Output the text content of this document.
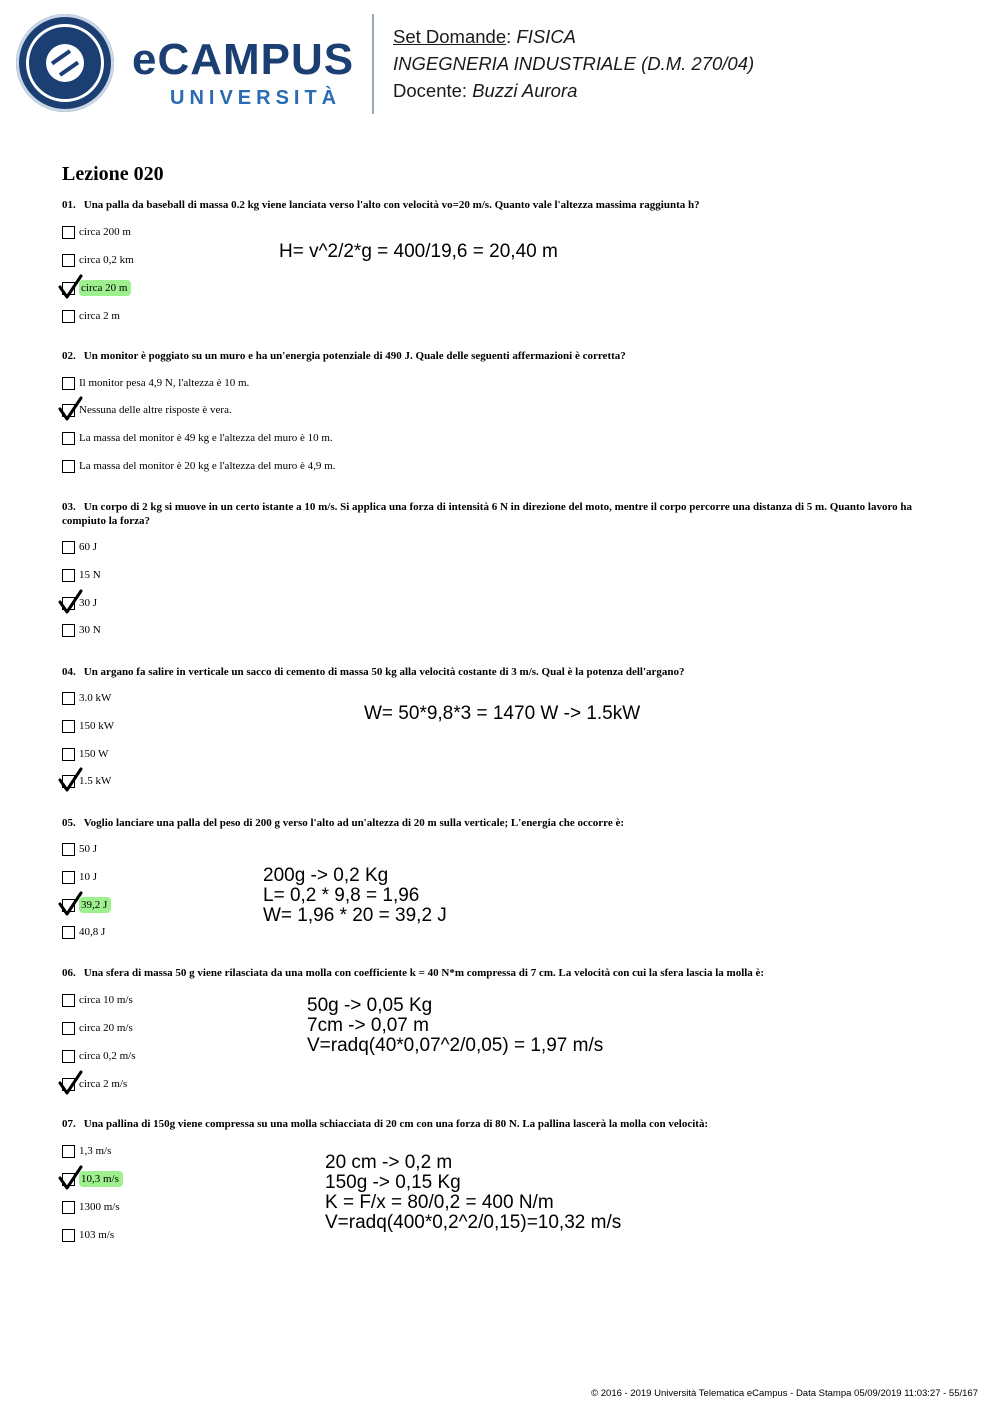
eCAMPUS
UNIVERSITÀ
Set Domande: FISICA
INGEGNERIA INDUSTRIALE (D.M. 270/04)
Docente: Buzzi Aurora
Lezione 020
01. Una palla da baseball di massa 0.2 kg viene lanciata verso l'alto con velocità vo=20 m/s. Quanto vale l'altezza massima raggiunta h?
circa 200 m
circa 0,2 km
circa 20 m
circa 2 m
H= v^2/2*g = 400/19,6 = 20,40 m
02. Un monitor è poggiato su un muro e ha un'energia potenziale di 490 J. Quale delle seguenti affermazioni è corretta?
Il monitor pesa 4,9 N, l'altezza è 10 m.
Nessuna delle altre risposte è vera.
La massa del monitor è 49 kg e l'altezza del muro è 10 m.
La massa del monitor è 20 kg e l'altezza del muro è 4,9 m.
03. Un corpo di 2 kg si muove in un certo istante a 10 m/s. Si applica una forza di intensità 6 N in direzione del moto, mentre il corpo percorre una distanza di 5 m. Quanto lavoro ha compiuto la forza?
60 J
15 N
30 J
30 N
04. Un argano fa salire in verticale un sacco di cemento di massa 50 kg alla velocità costante di 3 m/s. Qual è la potenza dell'argano?
3.0 kW
150 kW
150 W
1.5 kW
W= 50*9,8*3 = 1470 W -> 1.5kW
05. Voglio lanciare una palla del peso di 200 g verso l'alto ad un'altezza di 20 m sulla verticale; L'energia che occorre è:
50 J
10 J
39,2 J
40,8 J
200g -> 0,2 Kg
L= 0,2 * 9,8 = 1,96
W= 1,96 * 20 = 39,2 J
06. Una sfera di massa 50 g viene rilasciata da una molla con coefficiente k = 40 N*m compressa di 7 cm. La velocità con cui la sfera lascia la molla è:
circa 10 m/s
circa 20 m/s
circa 0,2 m/s
circa 2 m/s
50g -> 0,05 Kg
7cm -> 0,07 m
V=radq(40*0,07^2/0,05) = 1,97 m/s
07. Una pallina di 150g viene compressa su una molla schiacciata di 20 cm con una forza di 80 N. La pallina lascerà la molla con velocità:
1,3 m/s
10,3 m/s
1300 m/s
103 m/s
20 cm -> 0,2 m
150g -> 0,15 Kg
K = F/x = 80/0,2 = 400 N/m
V=radq(400*0,2^2/0,15)=10,32 m/s
© 2016 - 2019 Università Telematica eCampus - Data Stampa 05/09/2019 11:03:27 - 55/167
